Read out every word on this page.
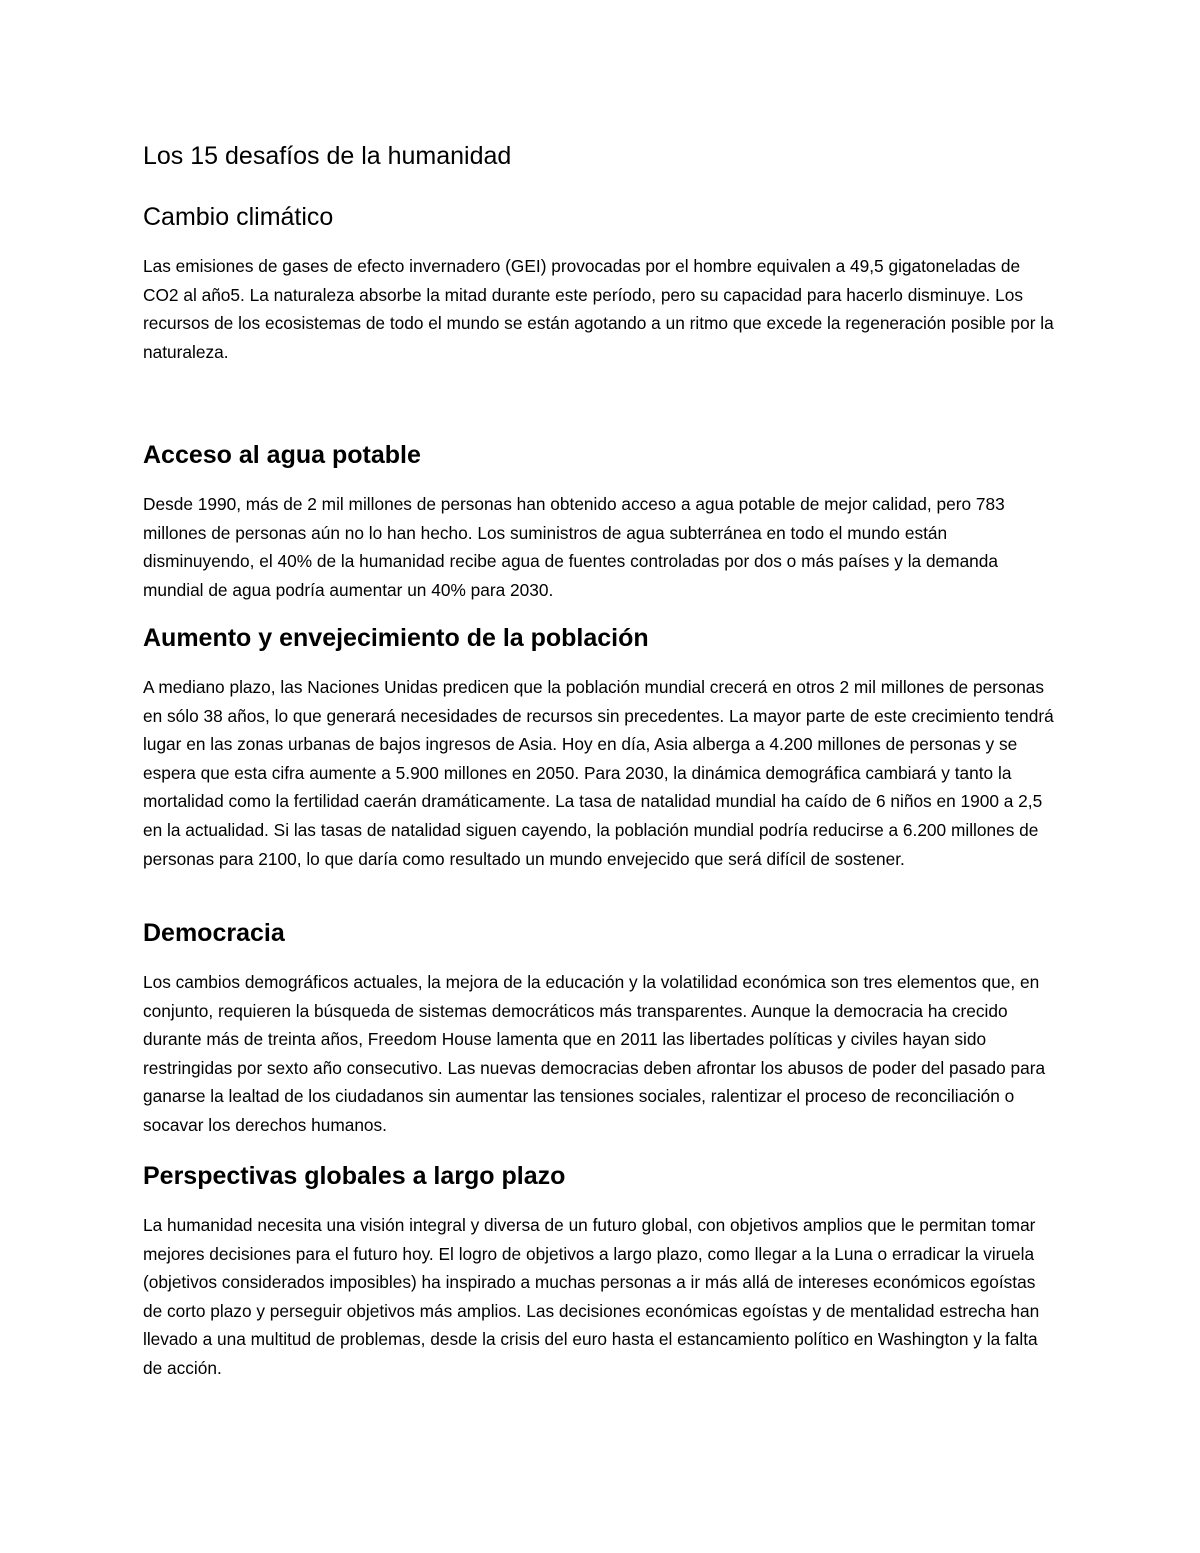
Los 15 desafíos de la humanidad
Cambio climático

Las emisiones de gases de efecto invernadero (GEI) provocadas por el hombre equivalen a 49,5 gigatoneladas de CO2 al año5. La naturaleza absorbe la mitad durante este período, pero su capacidad para hacerlo disminuye. Los recursos de los ecosistemas de todo el mundo se están agotando a un ritmo que excede la regeneración posible por la naturaleza.

Acceso al agua potable

Desde 1990, más de 2 mil millones de personas han obtenido acceso a agua potable de mejor calidad, pero 783 millones de personas aún no lo han hecho. Los suministros de agua subterránea en todo el mundo están disminuyendo, el 40% de la humanidad recibe agua de fuentes controladas por dos o más países y la demanda mundial de agua podría aumentar un 40% para 2030.

Aumento y envejecimiento de la población

A mediano plazo, las Naciones Unidas predicen que la población mundial crecerá en otros 2 mil millones de personas en sólo 38 años, lo que generará necesidades de recursos sin precedentes. La mayor parte de este crecimiento tendrá lugar en las zonas urbanas de bajos ingresos de Asia. Hoy en día, Asia alberga a 4.200 millones de personas y se espera que esta cifra aumente a 5.900 millones en 2050. Para 2030, la dinámica demográfica cambiará y tanto la mortalidad como la fertilidad caerán dramáticamente. La tasa de natalidad mundial ha caído de 6 niños en 1900 a 2,5 en la actualidad. Si las tasas de natalidad siguen cayendo, la población mundial podría reducirse a 6.200 millones de personas para 2100, lo que daría como resultado un mundo envejecido que será difícil de sostener.

Democracia

Los cambios demográficos actuales, la mejora de la educación y la volatilidad económica son tres elementos que, en conjunto, requieren la búsqueda de sistemas democráticos más transparentes. Aunque la democracia ha crecido durante más de treinta años, Freedom House lamenta que en 2011 las libertades políticas y civiles hayan sido restringidas por sexto año consecutivo. Las nuevas democracias deben afrontar los abusos de poder del pasado para ganarse la lealtad de los ciudadanos sin aumentar las tensiones sociales, ralentizar el proceso de reconciliación o socavar los derechos humanos.

Perspectivas globales a largo plazo

La humanidad necesita una visión integral y diversa de un futuro global, con objetivos amplios que le permitan tomar mejores decisiones para el futuro hoy. El logro de objetivos a largo plazo, como llegar a la Luna o erradicar la viruela (objetivos considerados imposibles) ha inspirado a muchas personas a ir más allá de intereses económicos egoístas de corto plazo y perseguir objetivos más amplios. Las decisiones económicas egoístas y de mentalidad estrecha han llevado a una multitud de problemas, desde la crisis del euro hasta el estancamiento político en Washington y la falta de acción.
